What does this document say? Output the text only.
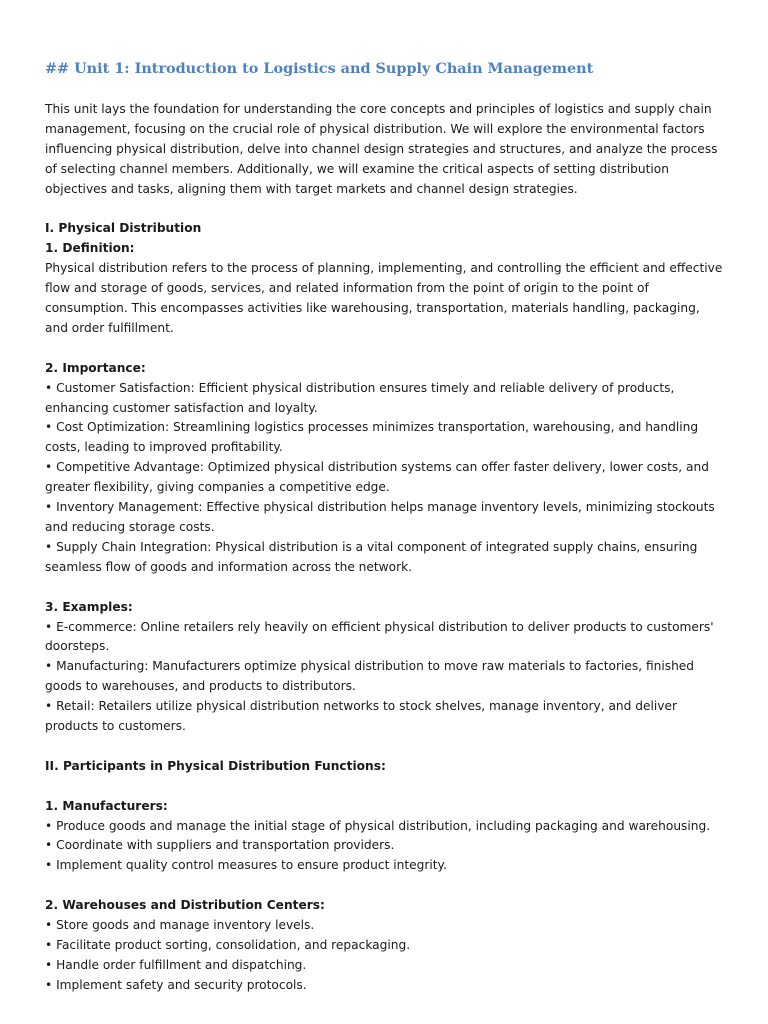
## Unit 1: Introduction to Logistics and Supply Chain Management

This unit lays the foundation for understanding the core concepts and principles of logistics and supply chain management, focusing on the crucial role of physical distribution. We will explore the environmental factors influencing physical distribution, delve into channel design strategies and structures, and analyze the process of selecting channel members. Additionally, we will examine the critical aspects of setting distribution objectives and tasks, aligning them with target markets and channel design strategies.

I. Physical Distribution

1. Definition:

Physical distribution refers to the process of planning, implementing, and controlling the efficient and effective flow and storage of goods, services, and related information from the point of origin to the point of consumption. This encompasses activities like warehousing, transportation, materials handling, packaging, and order fulfillment.

2. Importance:

• Customer Satisfaction: Efficient physical distribution ensures timely and reliable delivery of products, enhancing customer satisfaction and loyalty.

• Cost Optimization: Streamlining logistics processes minimizes transportation, warehousing, and handling costs, leading to improved profitability.

• Competitive Advantage: Optimized physical distribution systems can offer faster delivery, lower costs, and greater flexibility, giving companies a competitive edge.

• Inventory Management: Effective physical distribution helps manage inventory levels, minimizing stockouts and reducing storage costs.

• Supply Chain Integration: Physical distribution is a vital component of integrated supply chains, ensuring seamless flow of goods and information across the network.

3. Examples:

• E-commerce: Online retailers rely heavily on efficient physical distribution to deliver products to customers' doorsteps.

• Manufacturing: Manufacturers optimize physical distribution to move raw materials to factories, finished goods to warehouses, and products to distributors.

• Retail: Retailers utilize physical distribution networks to stock shelves, manage inventory, and deliver products to customers.

II. Participants in Physical Distribution Functions:

1. Manufacturers:

• Produce goods and manage the initial stage of physical distribution, including packaging and warehousing.

• Coordinate with suppliers and transportation providers.

• Implement quality control measures to ensure product integrity.

2. Warehouses and Distribution Centers:

• Store goods and manage inventory levels.

• Facilitate product sorting, consolidation, and repackaging.

• Handle order fulfillment and dispatching.

• Implement safety and security protocols.
